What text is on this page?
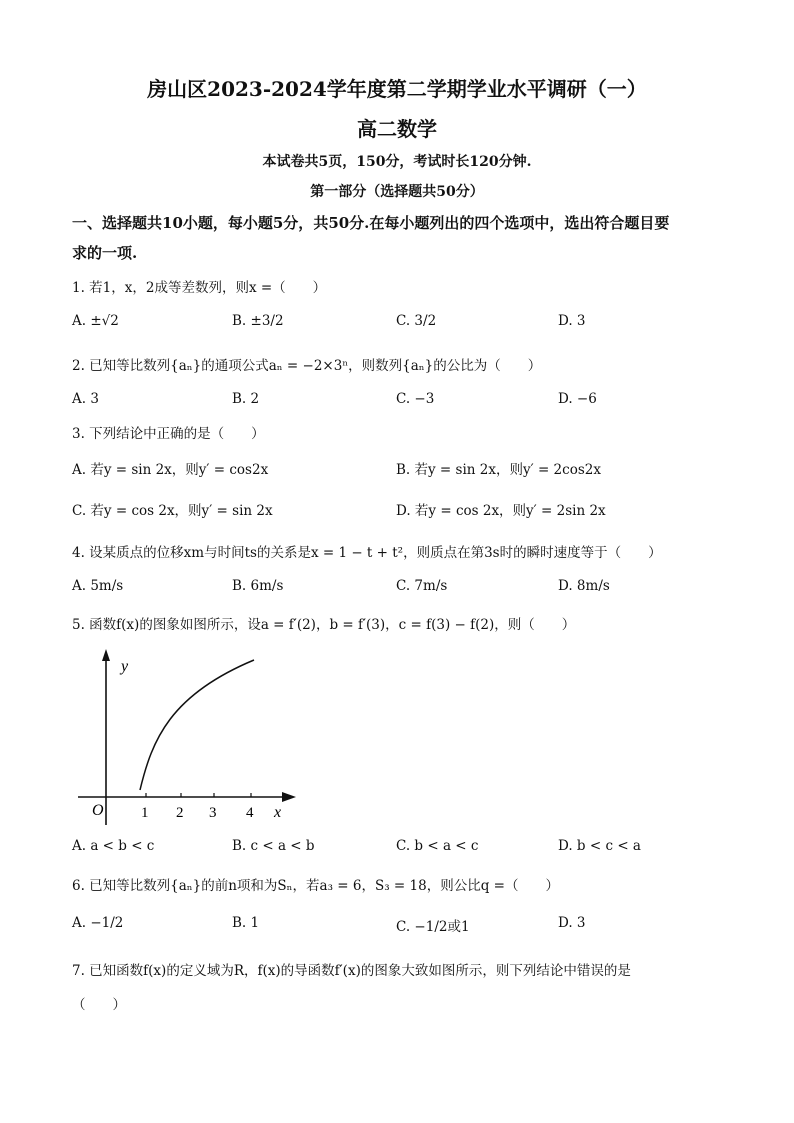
房山区2023-2024学年度第二学期学业水平调研（一）
高二数学
本试卷共5页，150分，考试时长120分钟.
第一部分（选择题共50分）
一、选择题共10小题，每小题5分，共50分.在每小题列出的四个选项中，选出符合题目要
求的一项.
1. 若1，x，2成等差数列，则x =（　　）
A. ±√2	B. ±3/2	C. 3/2	D. 3
2. 已知等比数列{aₙ}的通项公式aₙ = −2×3ⁿ，则数列{aₙ}的公比为（　　）
A. 3	B. 2	C. −3	D. −6
3. 下列结论中正确的是（　　）
A. 若y = sin 2x，则y′ = cos2x	B. 若y = sin 2x，则y′ = 2cos2x
C. 若y = cos 2x，则y′ = sin 2x	D. 若y = cos 2x，则y′ = 2sin 2x
4. 设某质点的位移xm与时间ts的关系是x = 1 − t + t²，则质点在第3s时的瞬时速度等于（　　）
A. 5m/s	B. 6m/s	C. 7m/s	D. 8m/s
5. 函数f(x)的图象如图所示，设a = f′(2)，b = f′(3)，c = f(3) − f(2)，则（　　）
y
x
O 1 2 3 4
A. a < b < c	B. c < a < b	C. b < a < c	D. b < c < a
6. 已知等比数列{aₙ}的前n项和为Sₙ，若a₃ = 6，S₃ = 18，则公比q =（　　）
A. −1/2	B. 1	C. −1/2或1	D. 3
7. 已知函数f(x)的定义域为R，f(x)的导函数f′(x)的图象大致如图所示，则下列结论中错误的是
（　　）
